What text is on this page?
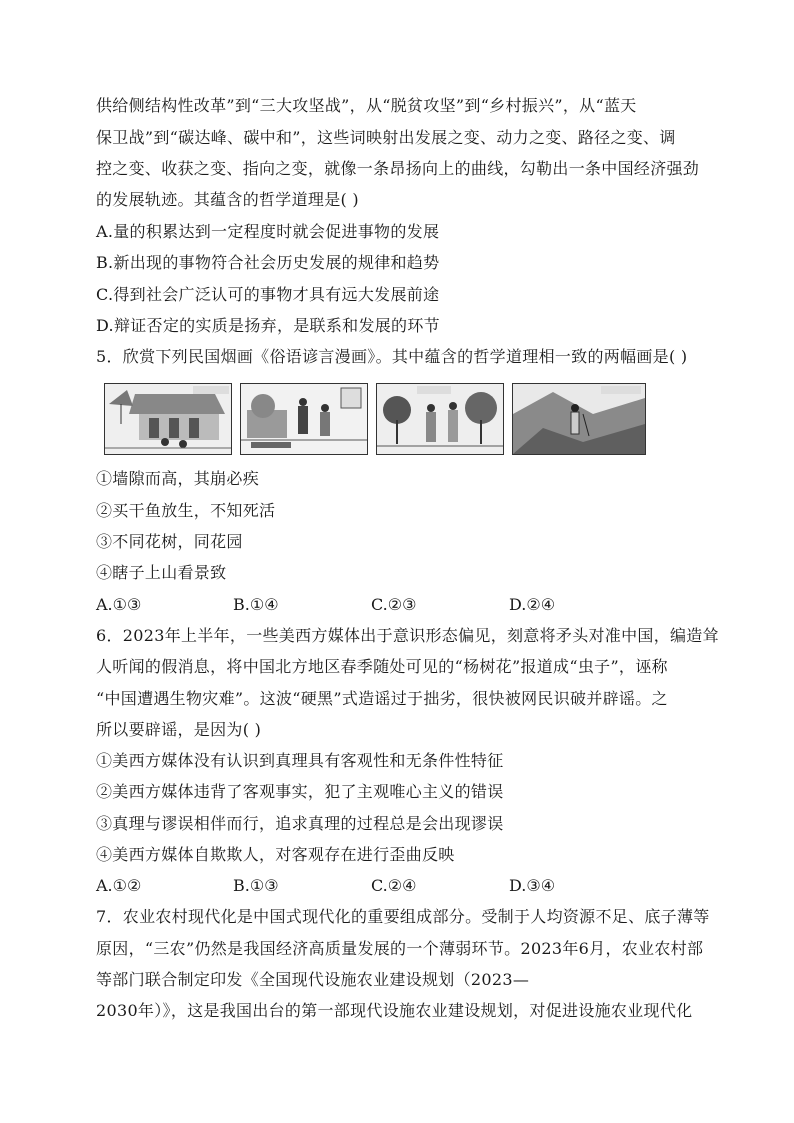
供给侧结构性改革”到“三大攻坚战”，从“脱贫攻坚”到“乡村振兴”，从“蓝天
保卫战”到“碳达峰、碳中和”，这些词映射出发展之变、动力之变、路径之变、调
控之变、收获之变、指向之变，就像一条昂扬向上的曲线，勾勒出一条中国经济强劲
的发展轨迹。其蕴含的哲学道理是( )
A.量的积累达到一定程度时就会促进事物的发展
B.新出现的事物符合社会历史发展的规律和趋势
C.得到社会广泛认可的事物才具有远大发展前途
D.辩证否定的实质是扬弃，是联系和发展的环节
5．欣赏下列民国烟画《俗语谚言漫画》。其中蕴含的哲学道理相一致的两幅画是( )
①墙隙而高，其崩必疾
②买干鱼放生，不知死活
③不同花树，同花园
④瞎子上山看景致
A.①③	B.①④	C.②③	D.②④
6．2023年上半年，一些美西方媒体出于意识形态偏见，刻意将矛头对准中国，编造耸
人听闻的假消息，将中国北方地区春季随处可见的“杨树花”报道成“虫子”，诬称
“中国遭遇生物灾难”。这波“硬黑”式造谣过于拙劣，很快被网民识破并辟谣。之
所以要辟谣，是因为( )
①美西方媒体没有认识到真理具有客观性和无条件性特征
②美西方媒体违背了客观事实，犯了主观唯心主义的错误
③真理与谬误相伴而行，追求真理的过程总是会出现谬误
④美西方媒体自欺欺人，对客观存在进行歪曲反映
A.①②	B.①③	C.②④	D.③④
7．农业农村现代化是中国式现代化的重要组成部分。受制于人均资源不足、底子薄等
原因，“三农”仍然是我国经济高质量发展的一个薄弱环节。2023年6月，农业农村部
等部门联合制定印发《全国现代设施农业建设规划（2023—
2030年）》，这是我国出台的第一部现代设施农业建设规划，对促进设施农业现代化
